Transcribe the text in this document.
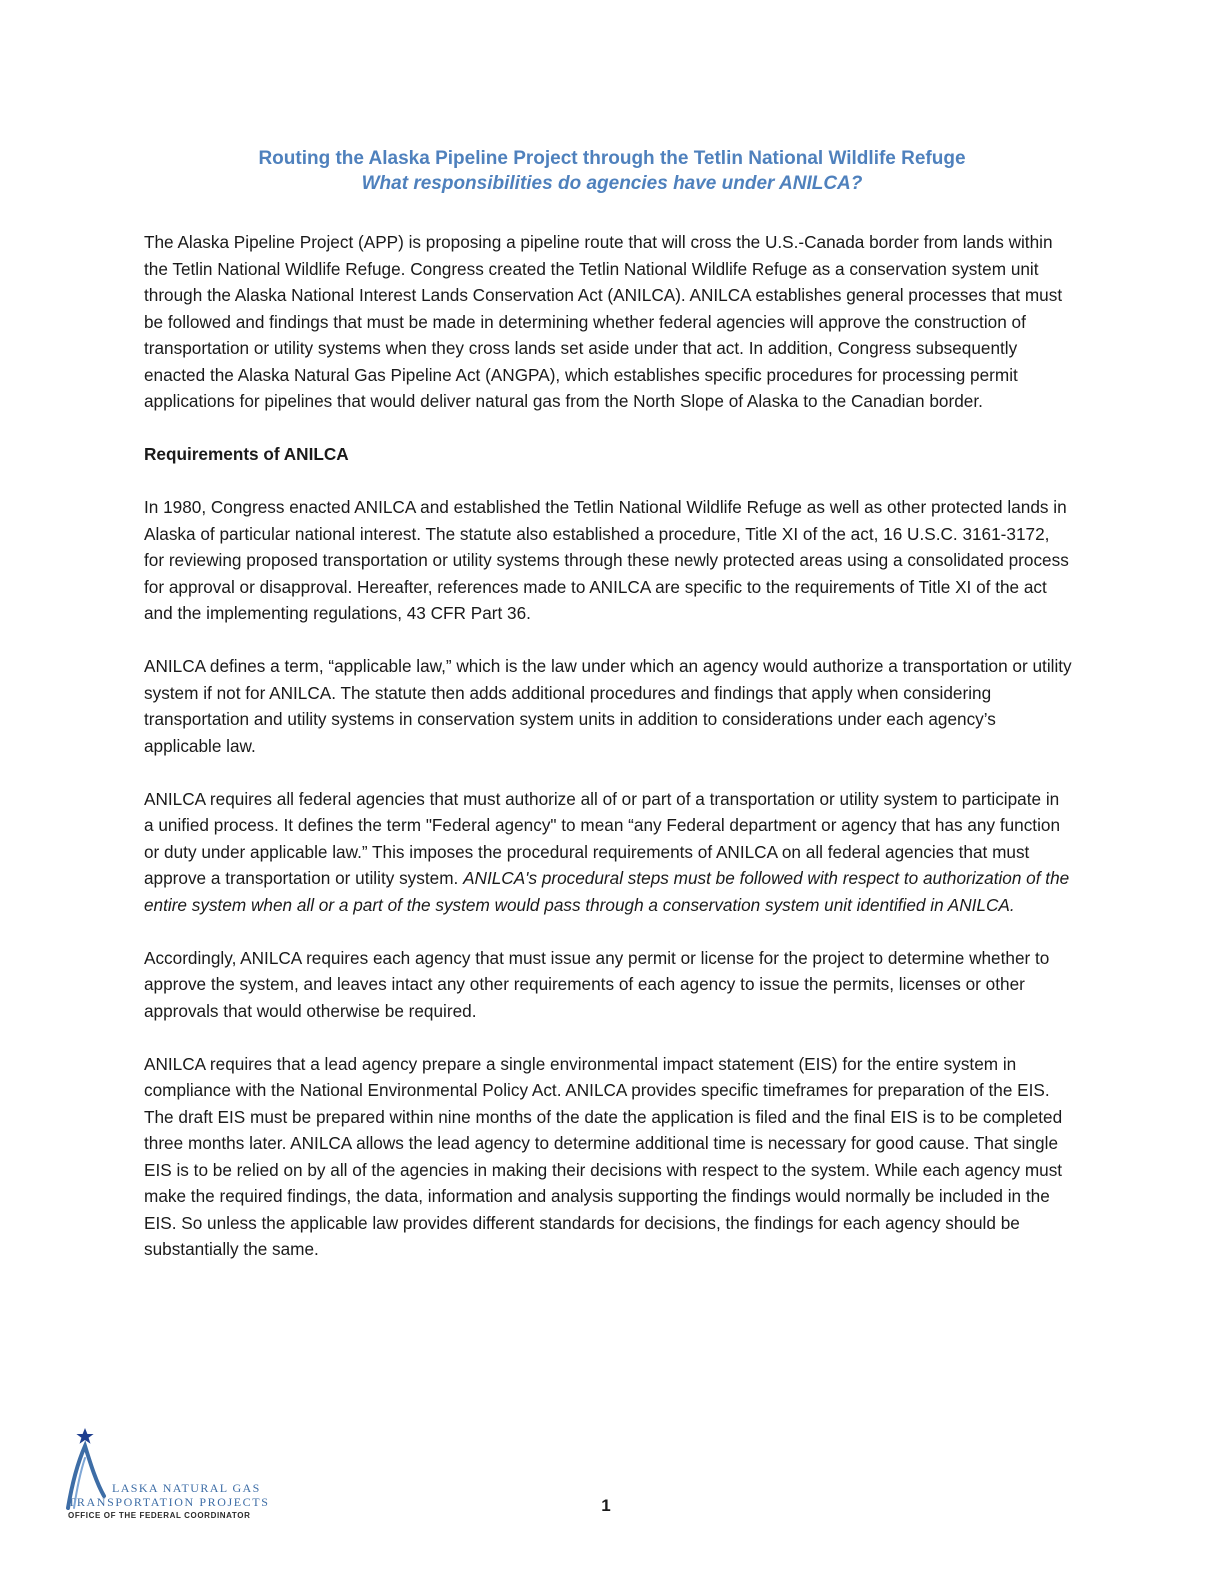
Routing the Alaska Pipeline Project through the Tetlin National Wildlife Refuge
What responsibilities do agencies have under ANILCA?

The Alaska Pipeline Project (APP) is proposing a pipeline route that will cross the U.S.-Canada border from lands within the Tetlin National Wildlife Refuge. Congress created the Tetlin National Wildlife Refuge as a conservation system unit through the Alaska National Interest Lands Conservation Act (ANILCA). ANILCA establishes general processes that must be followed and findings that must be made in determining whether federal agencies will approve the construction of transportation or utility systems when they cross lands set aside under that act. In addition, Congress subsequently enacted the Alaska Natural Gas Pipeline Act (ANGPA), which establishes specific procedures for processing permit applications for pipelines that would deliver natural gas from the North Slope of Alaska to the Canadian border.

Requirements of ANILCA

In 1980, Congress enacted ANILCA and established the Tetlin National Wildlife Refuge as well as other protected lands in Alaska of particular national interest. The statute also established a procedure, Title XI of the act, 16 U.S.C. 3161-3172, for reviewing proposed transportation or utility systems through these newly protected areas using a consolidated process for approval or disapproval. Hereafter, references made to ANILCA are specific to the requirements of Title XI of the act and the implementing regulations, 43 CFR Part 36.

ANILCA defines a term, “applicable law,” which is the law under which an agency would authorize a transportation or utility system if not for ANILCA. The statute then adds additional procedures and findings that apply when considering transportation and utility systems in conservation system units in addition to considerations under each agency’s applicable law.

ANILCA requires all federal agencies that must authorize all of or part of a transportation or utility system to participate in a unified process. It defines the term "Federal agency" to mean “any Federal department or agency that has any function or duty under applicable law.” This imposes the procedural requirements of ANILCA on all federal agencies that must approve a transportation or utility system. ANILCA's procedural steps must be followed with respect to authorization of the entire system when all or a part of the system would pass through a conservation system unit identified in ANILCA.

Accordingly, ANILCA requires each agency that must issue any permit or license for the project to determine whether to approve the system, and leaves intact any other requirements of each agency to issue the permits, licenses or other approvals that would otherwise be required.

ANILCA requires that a lead agency prepare a single environmental impact statement (EIS) for the entire system in compliance with the National Environmental Policy Act. ANILCA provides specific timeframes for preparation of the EIS. The draft EIS must be prepared within nine months of the date the application is filed and the final EIS is to be completed three months later. ANILCA allows the lead agency to determine additional time is necessary for good cause. That single EIS is to be relied on by all of the agencies in making their decisions with respect to the system. While each agency must make the required findings, the data, information and analysis supporting the findings would normally be included in the EIS. So unless the applicable law provides different standards for decisions, the findings for each agency should be substantially the same.

LASKA NATURAL GAS
TRANSPORTATION PROJECTS
OFFICE OF THE FEDERAL COORDINATOR
1
